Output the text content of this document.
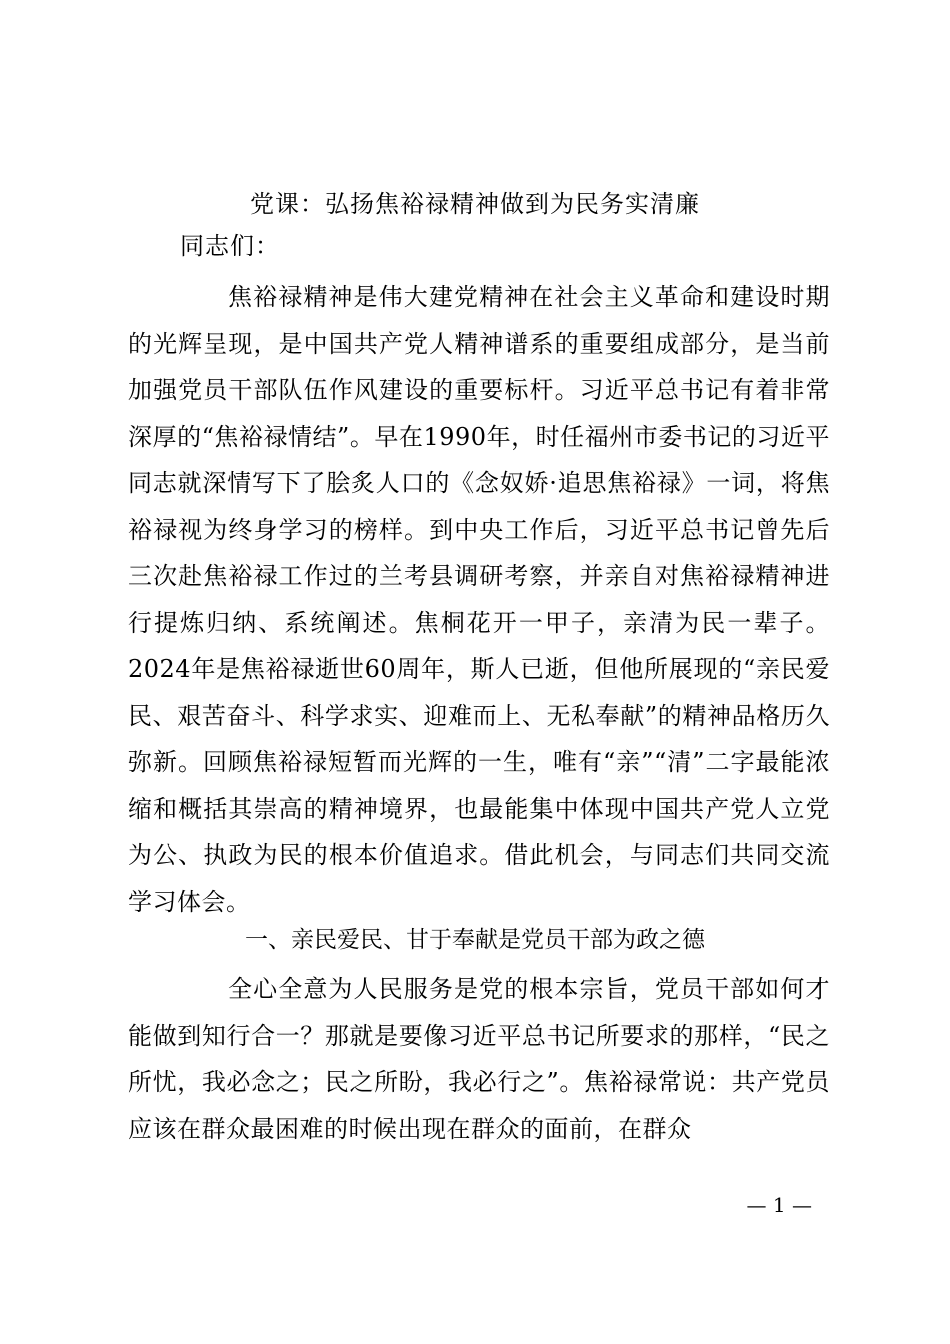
党课：弘扬焦裕禄精神做到为民务实清廉
同志们：
焦裕禄精神是伟大建党精神在社会主义革命和建设时期的光辉呈现，是中国共产党人精神谱系的重要组成部分，是当前加强党员干部队伍作风建设的重要标杆。习近平总书记有着非常深厚的“焦裕禄情结”。早在1990年，时任福州市委书记的习近平同志就深情写下了脍炙人口的《念奴娇·追思焦裕禄》一词，将焦裕禄视为终身学习的榜样。到中央工作后，习近平总书记曾先后三次赴焦裕禄工作过的兰考县调研考察，并亲自对焦裕禄精神进行提炼归纳、系统阐述。焦桐花开一甲子，亲清为民一辈子。2024年是焦裕禄逝世60周年，斯人已逝，但他所展现的“亲民爱民、艰苦奋斗、科学求实、迎难而上、无私奉献”的精神品格历久弥新。回顾焦裕禄短暂而光辉的一生，唯有“亲”“清”二字最能浓缩和概括其崇高的精神境界，也最能集中体现中国共产党人立党为公、执政为民的根本价值追求。借此机会，与同志们共同交流学习体会。
一、亲民爱民、甘于奉献是党员干部为政之德
全心全意为人民服务是党的根本宗旨，党员干部如何才能做到知行合一？那就是要像习近平总书记所要求的那样，“民之所忧，我必念之；民之所盼，我必行之”。焦裕禄常说：共产党员应该在群众最困难的时候出现在群众的面前，在群众
— 1 —
